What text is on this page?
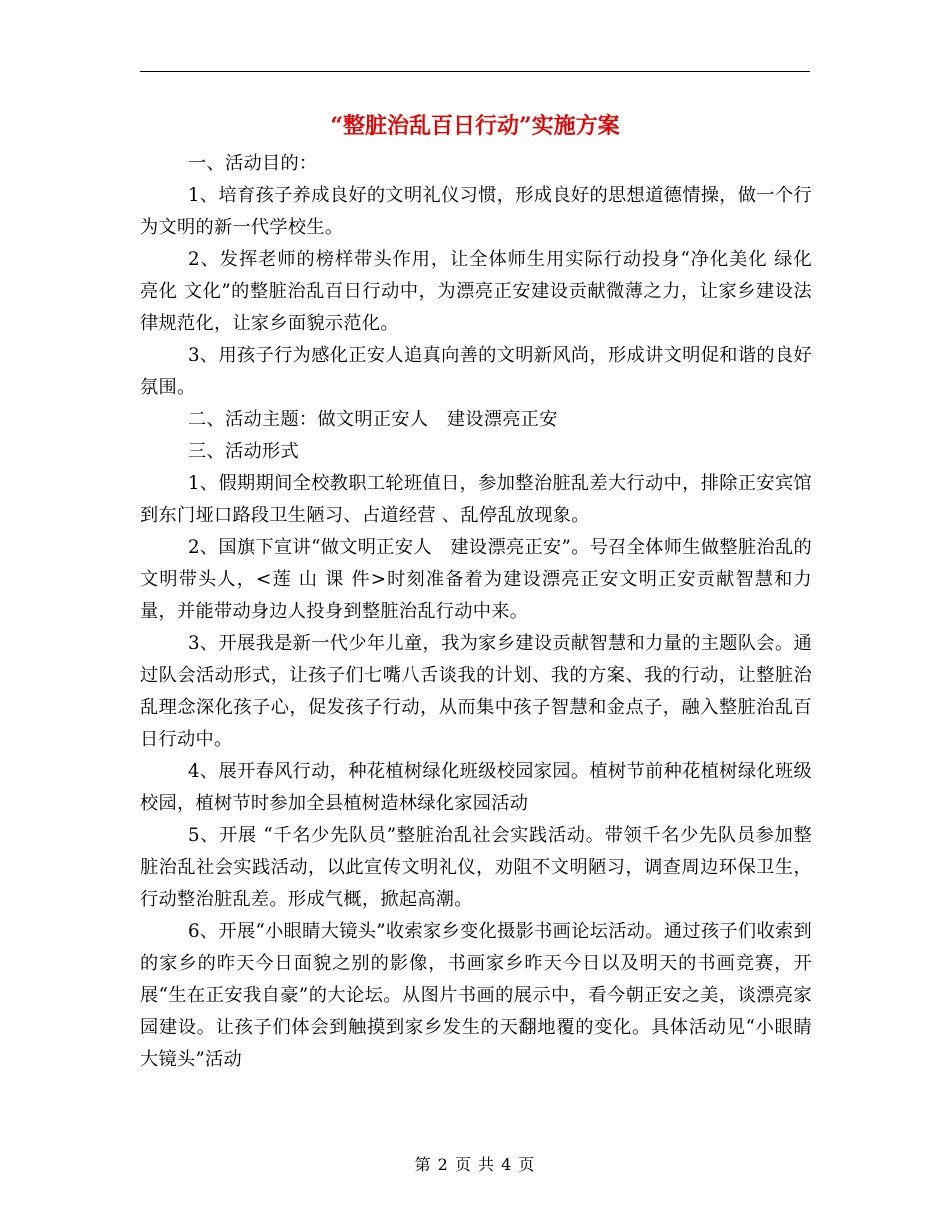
“整脏治乱百日行动”实施方案

一、活动目的：

1、培育孩子养成良好的文明礼仪习惯，形成良好的思想道德情操，做一个行为文明的新一代学校生。

2、发挥老师的榜样带头作用，让全体师生用实际行动投身“净化美化 绿化 亮化 文化”的整脏治乱百日行动中，为漂亮正安建设贡献微薄之力，让家乡建设法律规范化，让家乡面貌示范化。

3、用孩子行为感化正安人追真向善的文明新风尚，形成讲文明促和谐的良好氛围。

二、活动主题：做文明正安人　建设漂亮正安

三、活动形式

1、假期期间全校教职工轮班值日，参加整治脏乱差大行动中，排除正安宾馆到东门垭口路段卫生陋习、占道经营 、乱停乱放现象。

2、国旗下宣讲“做文明正安人　建设漂亮正安”。号召全体师生做整脏治乱的文明带头人，<莲 山 课 件>时刻准备着为建设漂亮正安文明正安贡献智慧和力量，并能带动身边人投身到整脏治乱行动中来。

3、开展我是新一代少年儿童，我为家乡建设贡献智慧和力量的主题队会。通过队会活动形式，让孩子们七嘴八舌谈我的计划、我的方案、我的行动，让整脏治乱理念深化孩子心，促发孩子行动，从而集中孩子智慧和金点子，融入整脏治乱百日行动中。

4、展开春风行动，种花植树绿化班级校园家园。植树节前种花植树绿化班级校园，植树节时参加全县植树造林绿化家园活动

5、开展 “千名少先队员”整脏治乱社会实践活动。带领千名少先队员参加整脏治乱社会实践活动，以此宣传文明礼仪，劝阻不文明陋习，调查周边环保卫生，行动整治脏乱差。形成气概，掀起高潮。

6、开展“小眼睛大镜头”收索家乡变化摄影书画论坛活动。通过孩子们收索到的家乡的昨天今日面貌之别的影像，书画家乡昨天今日以及明天的书画竞赛，开展“生在正安我自豪”的大论坛。从图片书画的展示中，看今朝正安之美，谈漂亮家园建设。让孩子们体会到触摸到家乡发生的天翻地覆的变化。具体活动见“小眼睛大镜头”活动

第 2 页 共 4 页
